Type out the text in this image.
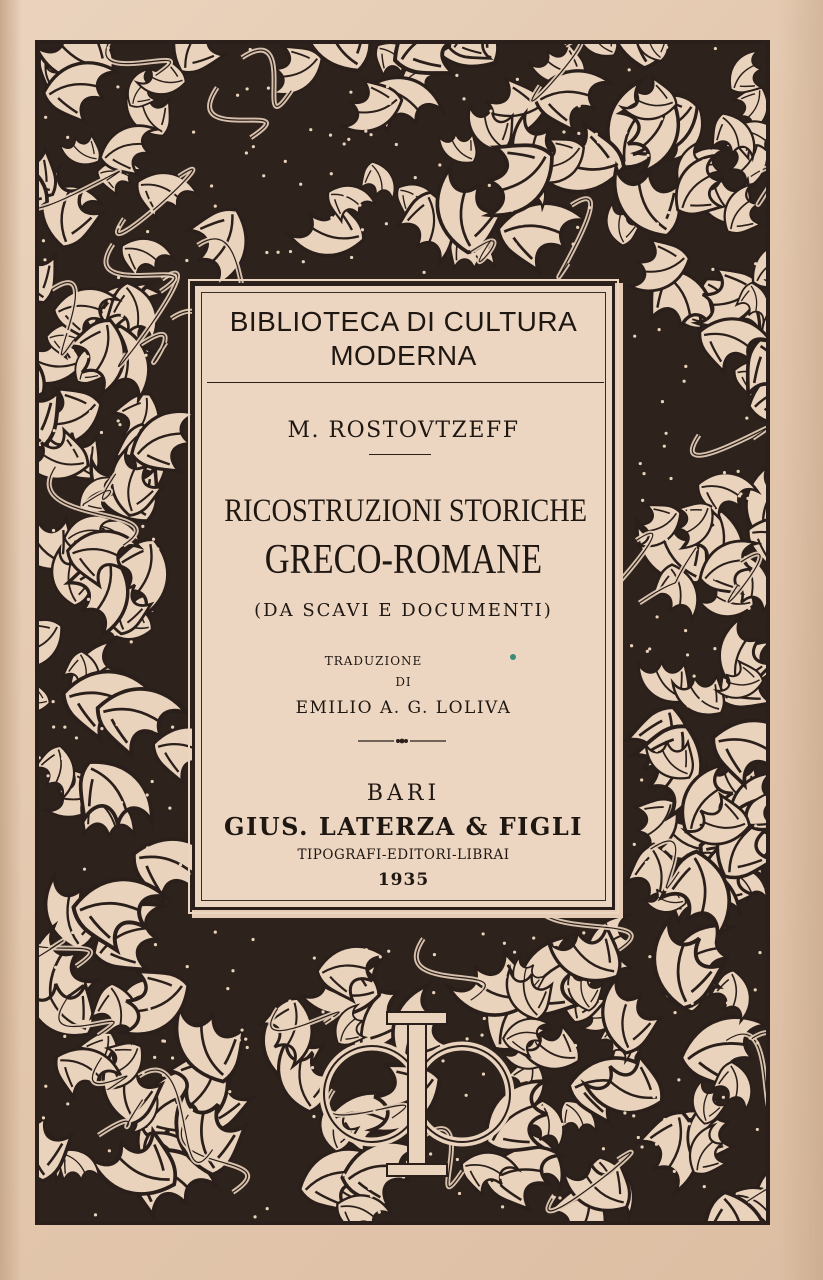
BIBLIOTECA DI CULTURA
MODERNA
M. ROSTOVTZEFF
RICOSTRUZIONI STORICHE
GRECO-ROMANE
(DA SCAVI E DOCUMENTI)
TRADUZIONE
DI
EMILIO A. G. LOLIVA
BARI
GIUS. LATERZA & FIGLI
TIPOGRAFI-EDITORI-LIBRAI
1935
